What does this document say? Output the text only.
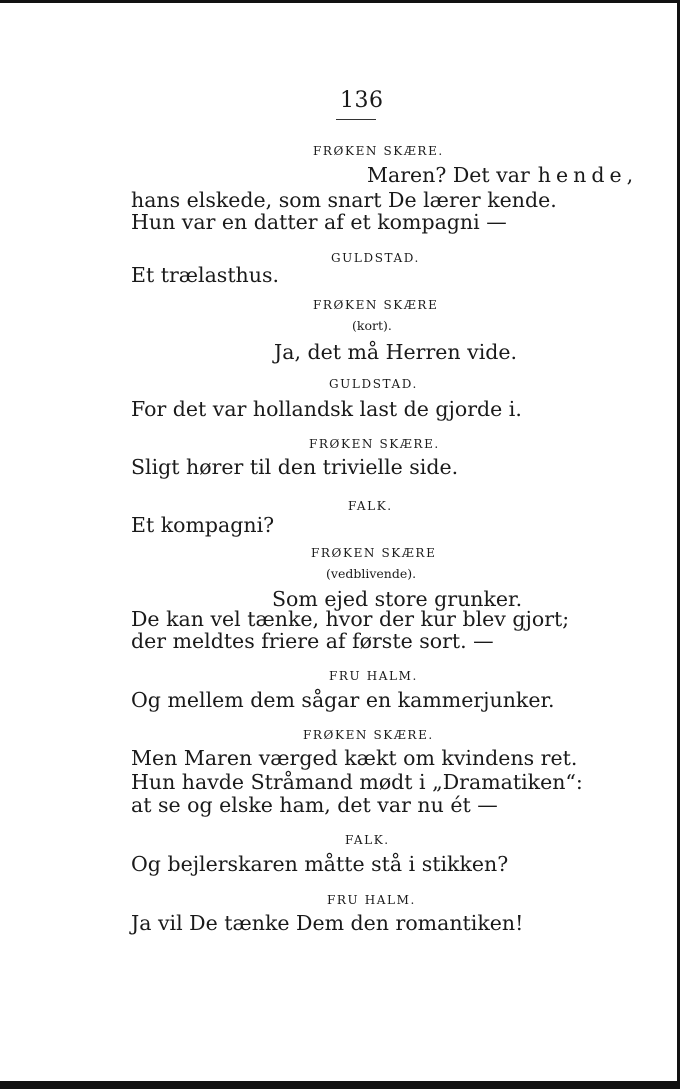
136
FRØKEN SKÆRE.
Maren? Det var hende,
hans elskede, som snart De lærer kende.
Hun var en datter af et kompagni —
GULDSTAD.
Et trælasthus.
FRØKEN SKÆRE
(kort).
Ja, det må Herren vide.
GULDSTAD.
For det var hollandsk last de gjorde i.
FRØKEN SKÆRE.
Sligt hører til den trivielle side.
FALK.
Et kompagni?
FRØKEN SKÆRE
(vedblivende).
Som ejed store grunker.
De kan vel tænke, hvor der kur blev gjort;
der meldtes friere af første sort. —
FRU HALM.
Og mellem dem sågar en kammerjunker.
FRØKEN SKÆRE.
Men Maren værged kækt om kvindens ret.
Hun havde Stråmand mødt i „Dramatiken“:
at se og elske ham, det var nu ét —
FALK.
Og bejlerskaren måtte stå i stikken?
FRU HALM.
Ja vil De tænke Dem den romantiken!
